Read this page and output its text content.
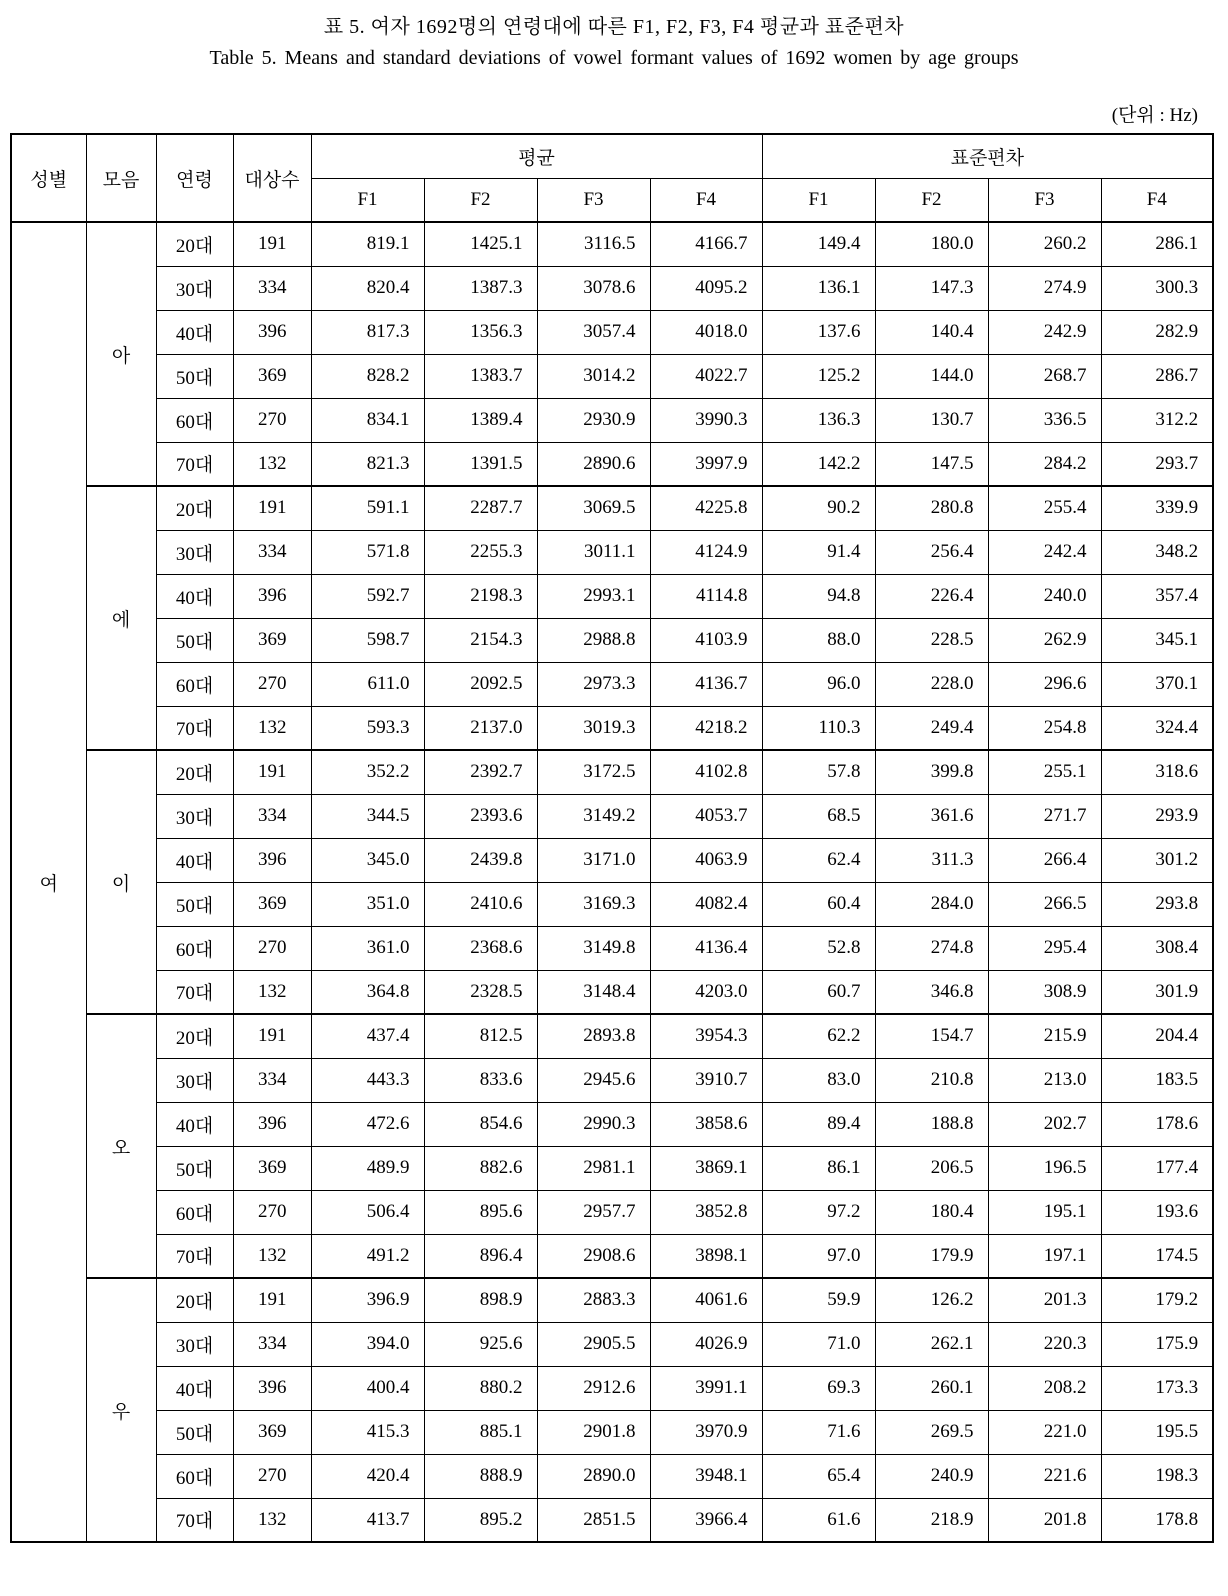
표 5. 여자 1692명의 연령대에 따른 F1, F2, F3, F4 평균과 표준편차
Table 5. Means and standard deviations of vowel formant values of 1692 women by age groups
(단위 : Hz)
성별	모음	연령	대상수	평균				표준편차			
				F1	F2	F3	F4	F1	F2	F3	F4
여	아	20대	191	819.1	1425.1	3116.5	4166.7	149.4	180.0	260.2	286.1
		30대	334	820.4	1387.3	3078.6	4095.2	136.1	147.3	274.9	300.3
		40대	396	817.3	1356.3	3057.4	4018.0	137.6	140.4	242.9	282.9
		50대	369	828.2	1383.7	3014.2	4022.7	125.2	144.0	268.7	286.7
		60대	270	834.1	1389.4	2930.9	3990.3	136.3	130.7	336.5	312.2
		70대	132	821.3	1391.5	2890.6	3997.9	142.2	147.5	284.2	293.7
	에	20대	191	591.1	2287.7	3069.5	4225.8	90.2	280.8	255.4	339.9
		30대	334	571.8	2255.3	3011.1	4124.9	91.4	256.4	242.4	348.2
		40대	396	592.7	2198.3	2993.1	4114.8	94.8	226.4	240.0	357.4
		50대	369	598.7	2154.3	2988.8	4103.9	88.0	228.5	262.9	345.1
		60대	270	611.0	2092.5	2973.3	4136.7	96.0	228.0	296.6	370.1
		70대	132	593.3	2137.0	3019.3	4218.2	110.3	249.4	254.8	324.4
	이	20대	191	352.2	2392.7	3172.5	4102.8	57.8	399.8	255.1	318.6
		30대	334	344.5	2393.6	3149.2	4053.7	68.5	361.6	271.7	293.9
		40대	396	345.0	2439.8	3171.0	4063.9	62.4	311.3	266.4	301.2
		50대	369	351.0	2410.6	3169.3	4082.4	60.4	284.0	266.5	293.8
		60대	270	361.0	2368.6	3149.8	4136.4	52.8	274.8	295.4	308.4
		70대	132	364.8	2328.5	3148.4	4203.0	60.7	346.8	308.9	301.9
	오	20대	191	437.4	812.5	2893.8	3954.3	62.2	154.7	215.9	204.4
		30대	334	443.3	833.6	2945.6	3910.7	83.0	210.8	213.0	183.5
		40대	396	472.6	854.6	2990.3	3858.6	89.4	188.8	202.7	178.6
		50대	369	489.9	882.6	2981.1	3869.1	86.1	206.5	196.5	177.4
		60대	270	506.4	895.6	2957.7	3852.8	97.2	180.4	195.1	193.6
		70대	132	491.2	896.4	2908.6	3898.1	97.0	179.9	197.1	174.5
	우	20대	191	396.9	898.9	2883.3	4061.6	59.9	126.2	201.3	179.2
		30대	334	394.0	925.6	2905.5	4026.9	71.0	262.1	220.3	175.9
		40대	396	400.4	880.2	2912.6	3991.1	69.3	260.1	208.2	173.3
		50대	369	415.3	885.1	2901.8	3970.9	71.6	269.5	221.0	195.5
		60대	270	420.4	888.9	2890.0	3948.1	65.4	240.9	221.6	198.3
		70대	132	413.7	895.2	2851.5	3966.4	61.6	218.9	201.8	178.8
